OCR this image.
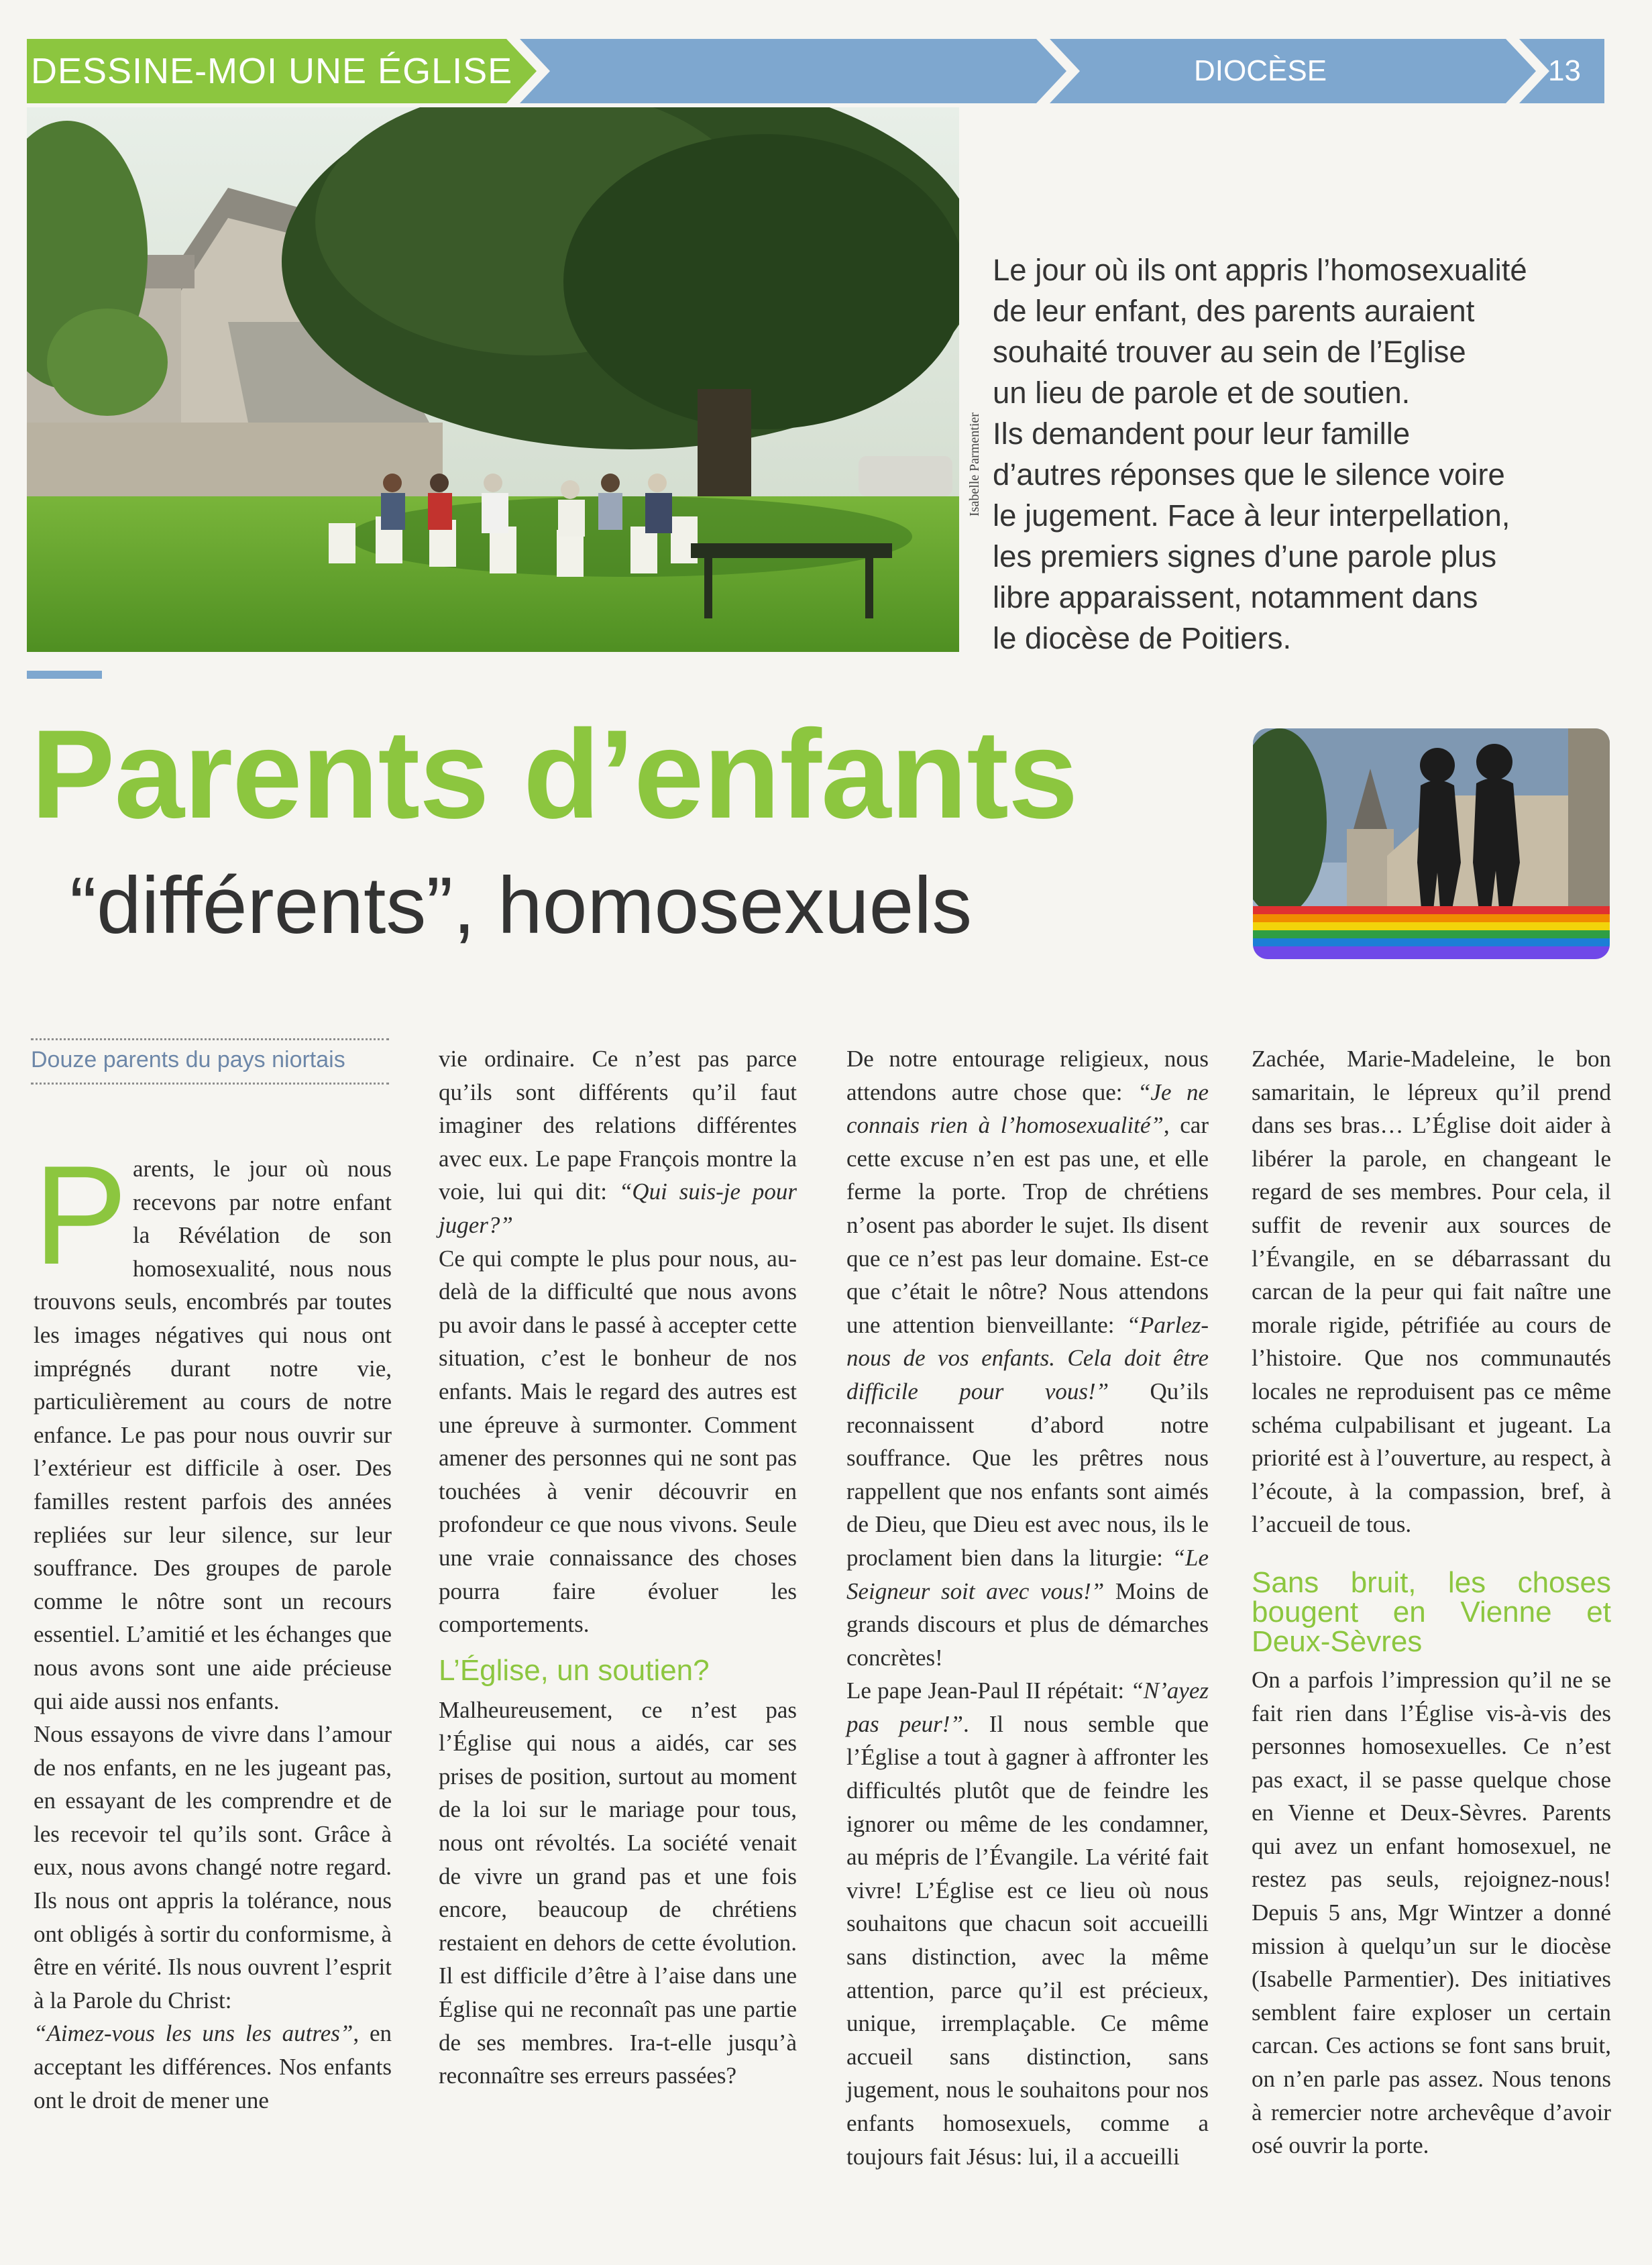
DESSINE-MOI UNE ÉGLISE	DIOCÈSE	13
Isabelle Parmentier

Le jour où ils ont appris l’homosexualité

de leur enfant, des parents auraient

souhaité trouver au sein de l’Eglise

un lieu de parole et de soutien.

Ils demandent pour leur famille

d’autres réponses que le silence voire

le jugement. Face à leur interpellation,

les premiers signes d’une parole plus

libre apparaissent, notamment dans

le diocèse de Poitiers.

Parents d’enfants
“différents”, homosexuels
Douze parents du pays niortais
P arents, le jour où nous recevons par notre enfant la Révélation de son homosexualité, nous nous trouvons seuls, encombrés par toutes les images négatives qui nous ont imprégnés durant notre vie, particulièrement au cours de notre enfance. Le pas pour nous ouvrir sur l’extérieur est difficile à oser. Des familles restent parfois des années repliées sur leur silence, sur leur souffrance. Des groupes de parole comme le nôtre sont un recours essentiel. L’amitié et les échanges que nous avons sont une aide précieuse qui aide aussi nos enfants.

Nous essayons de vivre dans l’amour de nos enfants, en ne les jugeant pas, en essayant de les comprendre et de les recevoir tel qu’ils sont. Grâce à eux, nous avons changé notre regard. Ils nous ont appris la tolérance, nous ont obligés à sortir du conformisme, à être en vérité. Ils nous ouvrent l’esprit à la Parole du Christ:
“Aimez-vous les uns les autres”, en acceptant les différences. Nos enfants ont le droit de mener une

vie ordinaire. Ce n’est pas parce qu’ils sont différents qu’il faut imaginer des relations différentes avec eux. Le pape François montre la voie, lui qui dit: “Qui suis-je pour juger?”

Ce qui compte le plus pour nous, au-delà de la difficulté que nous avons pu avoir dans le passé à accepter cette situation, c’est le bonheur de nos enfants. Mais le regard des autres est une épreuve à surmonter. Comment amener des personnes qui ne sont pas touchées à venir découvrir en profondeur ce que nous vivons. Seule une vraie connaissance des choses pourra faire évoluer les comportements.

L’Église, un soutien?

Malheureusement, ce n’est pas l’Église qui nous a aidés, car ses prises de position, surtout au moment de la loi sur le mariage pour tous, nous ont révoltés. La société venait de vivre un grand pas et une fois encore, beaucoup de chrétiens restaient en dehors de cette évolution. Il est difficile d’être à l’aise dans une Église qui ne reconnaît pas une partie de ses membres. Ira-t-elle jusqu’à reconnaître ses erreurs passées?

De notre entourage religieux, nous attendons autre chose que: “Je ne connais rien à l’homosexualité”, car cette excuse n’en est pas une, et elle ferme la porte. Trop de chrétiens n’osent pas aborder le sujet. Ils disent que ce n’est pas leur domaine. Est-ce que c’était le nôtre? Nous attendons une attention bienveillante: “Parlez-nous de vos enfants. Cela doit être difficile pour vous!” Qu’ils reconnaissent d’abord notre souffrance. Que les prêtres nous rappellent que nos enfants sont aimés de Dieu, que Dieu est avec nous, ils le proclament bien dans la liturgie: “Le Seigneur soit avec vous!” Moins de grands discours et plus de démarches concrètes!

Le pape Jean-Paul II répétait: “N’ayez pas peur!”. Il nous semble que l’Église a tout à gagner à affronter les difficultés plutôt que de feindre les ignorer ou même de les condamner, au mépris de l’Évangile. La vérité fait vivre! L’Église est ce lieu où nous souhaitons que chacun soit accueilli sans distinction, avec la même attention, parce qu’il est précieux, unique, irremplaçable. Ce même accueil sans distinction, sans jugement, nous le souhaitons pour nos enfants homosexuels, comme a toujours fait Jésus: lui, il a accueilli

Zachée, Marie-Madeleine, le bon samaritain, le lépreux qu’il prend dans ses bras… L’Église doit aider à libérer la parole, en changeant le regard de ses membres. Pour cela, il suffit de revenir aux sources de l’Évangile, en se débarrassant du carcan de la peur qui fait naître une morale rigide, pétrifiée au cours de l’histoire. Que nos communautés locales ne reproduisent pas ce même schéma culpabilisant et jugeant. La priorité est à l’ouverture, au respect, à l’écoute, à la compassion, bref, à l’accueil de tous.

Sans bruit, les choses bougent en Vienne et Deux-Sèvres

On a parfois l’impression qu’il ne se fait rien dans l’Église vis-à-vis des personnes homosexuelles. Ce n’est pas exact, il se passe quelque chose en Vienne et Deux-Sèvres. Parents qui avez un enfant homosexuel, ne restez pas seuls, rejoignez-nous! Depuis 5 ans, Mgr Wintzer a donné mission à quelqu’un sur le diocèse (Isabelle Parmentier). Des initiatives semblent faire exploser un certain carcan. Ces actions se font sans bruit, on n’en parle pas assez. Nous tenons à remercier notre archevêque d’avoir osé ouvrir la porte.
